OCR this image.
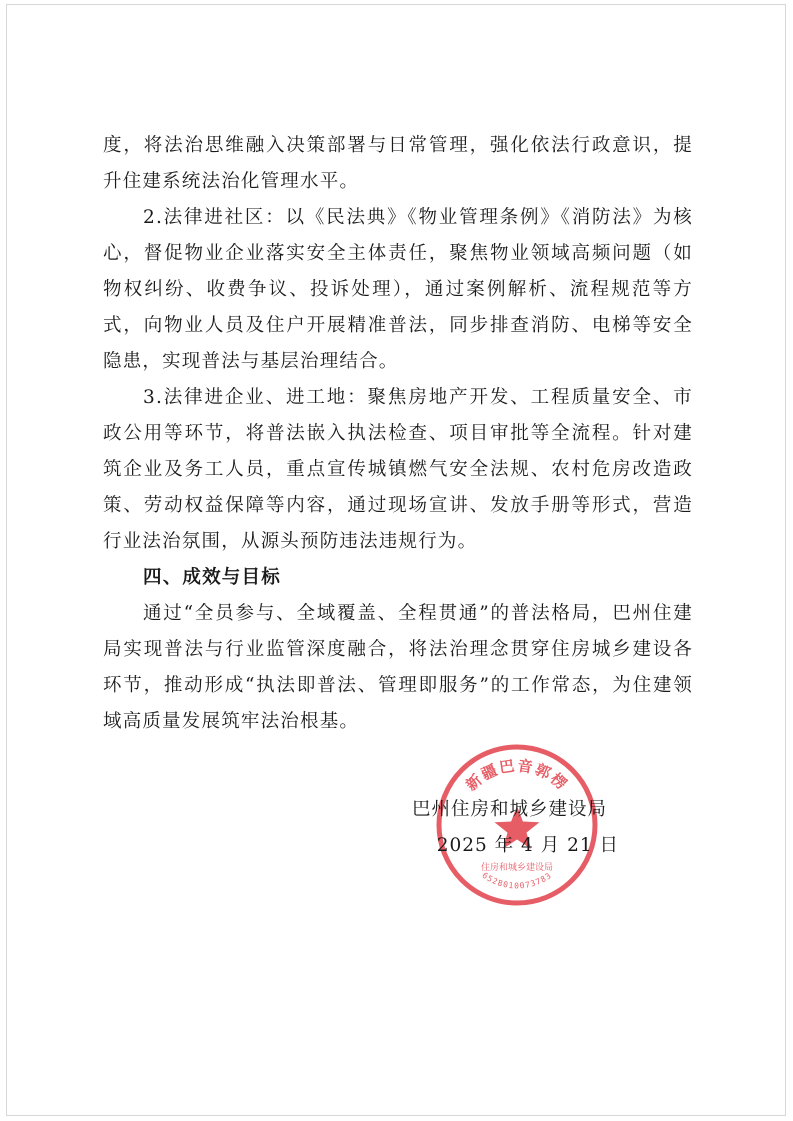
度，将法治思维融入决策部署与日常管理，强化依法行政意识，提升住建系统法治化管理水平。

2.法律进社区：以《民法典》《物业管理条例》《消防法》为核心，督促物业企业落实安全主体责任，聚焦物业领域高频问题（如物权纠纷、收费争议、投诉处理），通过案例解析、流程规范等方式，向物业人员及住户开展精准普法，同步排查消防、电梯等安全隐患，实现普法与基层治理结合。

3.法律进企业、进工地：聚焦房地产开发、工程质量安全、市政公用等环节，将普法嵌入执法检查、项目审批等全流程。针对建筑企业及务工人员，重点宣传城镇燃气安全法规、农村危房改造政策、劳动权益保障等内容，通过现场宣讲、发放手册等形式，营造行业法治氛围，从源头预防违法违规行为。

四、成效与目标

通过“全员参与、全域覆盖、全程贯通”的普法格局，巴州住建局实现普法与行业监管深度融合，将法治理念贯穿住房城乡建设各环节，推动形成“执法即普法、管理即服务”的工作常态，为住建领域高质量发展筑牢法治根基。

新疆巴音郭楞
住房和城乡建设局
6528010073783
巴州住房和城乡建设局
2025 年 4 月 21 日
